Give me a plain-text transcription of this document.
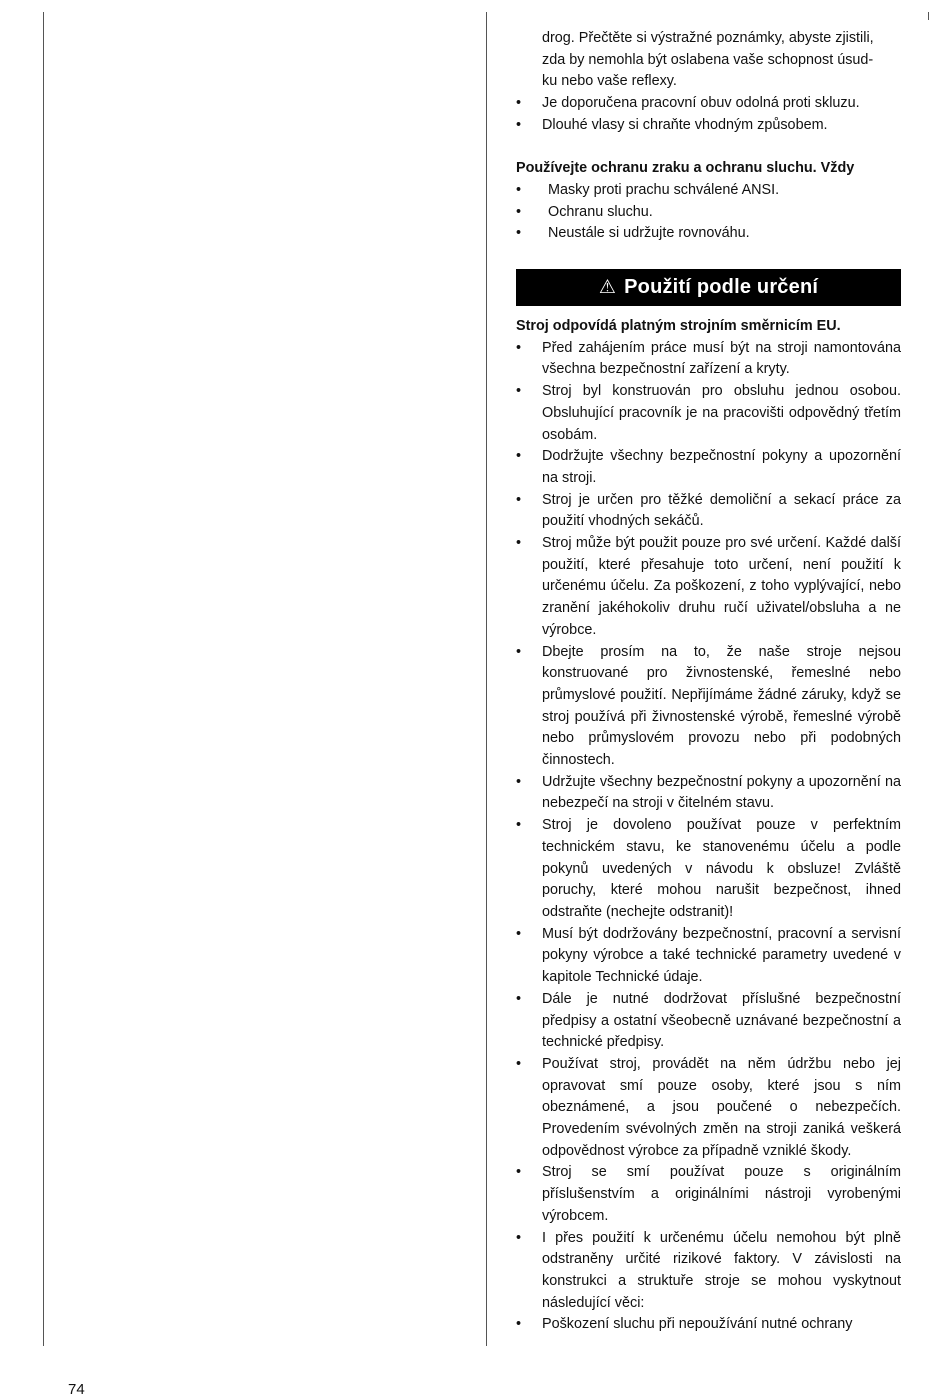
drog. Přečtěte si výstražné poznámky, abyste zjistili,

zda by nemohla být oslabena vaše schopnost úsud-

ku nebo vaše reflexy.

• Je doporučena pracovní obuv odolná proti skluzu.
• Dlouhé vlasy si chraňte vhodným způsobem.

Používejte ochranu zraku a ochranu sluchu. Vždy

• Masky proti prachu schválené ANSI.
• Ochranu sluchu.
• Neustále si udržujte rovnováhu.
⚠ Použití podle určení

Stroj odpovídá platným strojním směrnicím EU.

• Před zahájením práce musí být na stroji namontována všechna bezpečnostní zařízení a kryty.
• Stroj byl konstruován pro obsluhu jednou osobou. Obsluhující pracovník je na pracovišti odpovědný třetím osobám.
• Dodržujte všechny bezpečnostní pokyny a upozornění na stroji.
• Stroj je určen pro těžké demoliční a sekací práce za použití vhodných sekáčů.
• Stroj může být použit pouze pro své určení. Každé další použití, které přesahuje toto určení, není použití k určenému účelu. Za poškození, z toho vyplývající, nebo zranění jakéhokoliv druhu ručí uživatel/obsluha a ne výrobce.
• Dbejte prosím na to, že naše stroje nejsou konstruované pro živnostenské, řemeslné nebo průmyslové použití. Nepřijímáme žádné záruky, když se stroj používá při živnostenské výrobě, řemeslné výrobě nebo průmyslovém provozu nebo při podobných činnostech.
• Udržujte všechny bezpečnostní pokyny a upozornění na nebezpečí na stroji v čitelném stavu.
• Stroj je dovoleno používat pouze v perfektním technickém stavu, ke stanovenému účelu a podle pokynů uvedených v návodu k obsluze! Zvláště poruchy, které mohou narušit bezpečnost, ihned odstraňte (nechejte odstranit)!
• Musí být dodržovány bezpečnostní, pracovní a servisní pokyny výrobce a také technické parametry uvedené v kapitole Technické údaje.
• Dále je nutné dodržovat příslušné bezpečnostní předpisy a ostatní všeobecně uznávané bezpečnostní a technické předpisy.
• Používat stroj, provádět na něm údržbu nebo jej opravovat smí pouze osoby, které jsou s ním obeznámené, a jsou poučené o nebezpečích. Provedením svévolných změn na stroji zaniká veškerá odpovědnost výrobce za případně vzniklé škody.
• Stroj se smí používat pouze s originálním příslušenstvím a originálními nástroji vyrobenými výrobcem.
• I přes použití k určenému účelu nemohou být plně odstraněny určité rizikové faktory. V závislosti na konstrukci a struktuře stroje se mohou vyskytnout následující věci:
• Poškození sluchu při nepoužívání nutné ochrany
74
